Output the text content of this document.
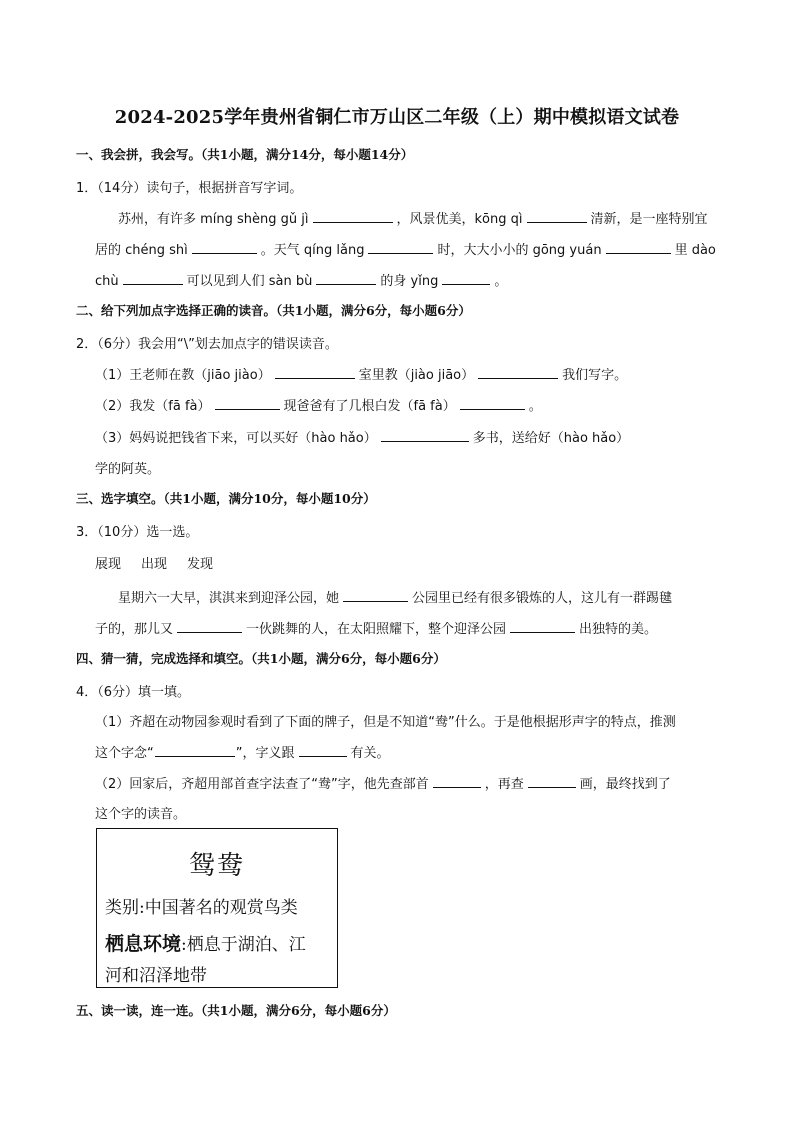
2024-2025学年贵州省铜仁市万山区二年级（上）期中模拟语文试卷
一、我会拼，我会写。（共1小题，满分14分，每小题14分）
1．（14分）读句子，根据拼音写字词。
苏州，有许多 míng shèng gǔ jì	，风景优美，kōng qì	清新，是一座特别宜
居的 chéng shì	。天气 qíng lǎng	时，大大小小的 gōng yuán	里 dào
chù	可以见到人们 sàn bù	的身 yǐng	。
二、给下列加点字选择正确的读音。（共1小题，满分6分，每小题6分）
2．（6分）我会用“\”划去加点字的错误读音。
（1）王老师在教（jiāo jiào）	室里教（jiào jiāo）	我们写字。
（2）我发（fā fà）	现爸爸有了几根白发（fā fà）	。
（3）妈妈说把钱省下来，可以买好（hào hǎo）	多书，送给好（hào hǎo）
学的阿英。
三、选字填空。（共1小题，满分10分，每小题10分）
3．（10分）选一选。
展现 出现 发现
星期六一大早，淇淇来到迎泽公园，她	公园里已经有很多锻炼的人，这儿有一群踢毽
子的，那儿又	一伙跳舞的人，在太阳照耀下，整个迎泽公园	出独特的美。
四、猜一猜，完成选择和填空。（共1小题，满分6分，每小题6分）
4．（6分）填一填。
（1）齐超在动物园参观时看到了下面的牌子，但是不知道“鸯”什么。于是他根据形声字的特点，推测
这个字念“	”，字义跟	有关。
（2）回家后，齐超用部首查字法查了“鸯”字，他先查部首	，再查	画，最终找到了
这个字的读音。
鸳鸯
类别:中国著名的观赏鸟类
栖息环境:栖息于湖泊、江
河和沼泽地带
五、读一读，连一连。（共1小题，满分6分，每小题6分）
